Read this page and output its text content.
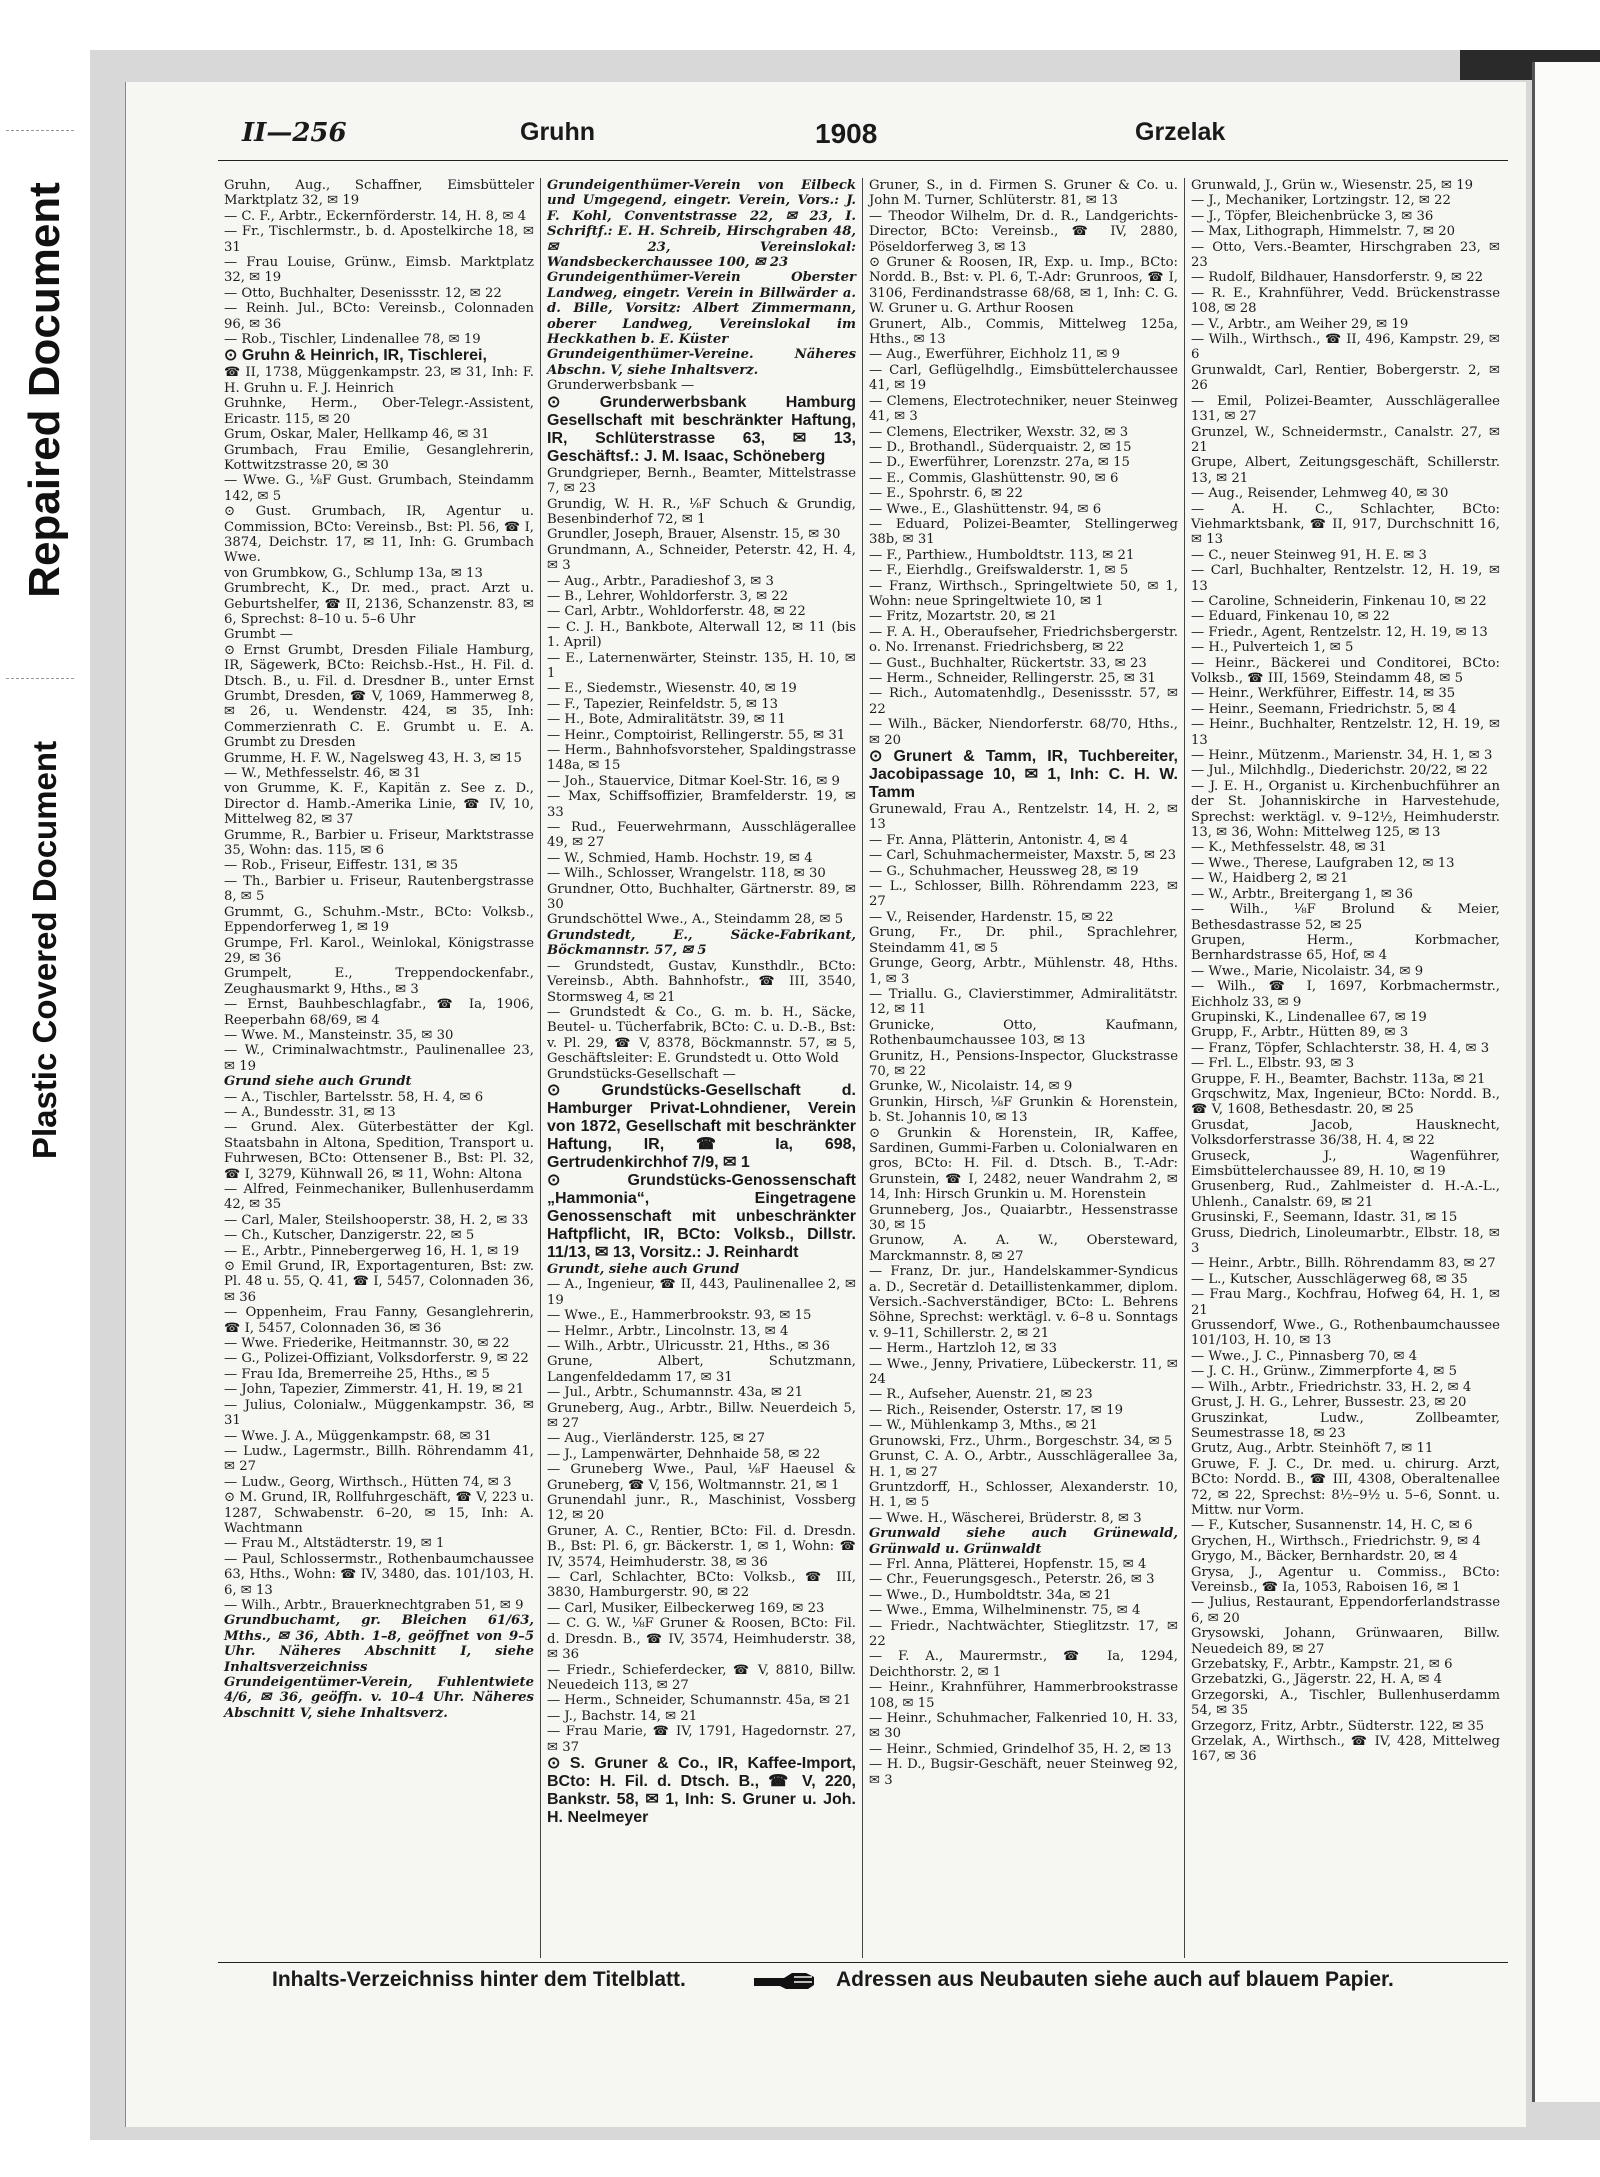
Repaired Document
Plastic Covered Document
II—256	Gruhn	1908	Grzelak

Gruhn, Aug., Schaffner, Eimsbütteler Marktplatz 32, ✉ 19

— C. F., Arbtr., Eckernförderstr. 14, H. 8, ✉ 4

— Fr., Tischlermstr., b. d. Apostelkirche 18, ✉ 31

— Frau Louise, Grünw., Eimsb. Marktplatz 32, ✉ 19

— Otto, Buchhalter, Desenissstr. 12, ✉ 22

— Reinh. Jul., BCto: Vereinsb., Colonnaden 96, ✉ 36

— Rob., Tischler, Lindenallee 78, ✉ 19

⊙ Gruhn & Heinrich, IR, Tischlerei,

☎ II, 1738, Müggenkampstr. 23, ✉ 31, Inh: F. H. Gruhn u. F. J. Heinrich

Gruhnke, Herm., Ober-Telegr.-Assistent, Ericastr. 115, ✉ 20

Grum, Oskar, Maler, Hellkamp 46, ✉ 31

Grumbach, Frau Emilie, Gesanglehrerin, Kottwitzstrasse 20, ✉ 30

— Wwe. G., ⅛F Gust. Grumbach, Steindamm 142, ✉ 5

⊙ Gust. Grumbach, IR, Agentur u. Commission, BCto: Vereinsb., Bst: Pl. 56, ☎ I, 3874, Deichstr. 17, ✉ 11, Inh: G. Grumbach Wwe.

von Grumbkow, G., Schlump 13a, ✉ 13

Grumbrecht, K., Dr. med., pract. Arzt u. Geburtshelfer, ☎ II, 2136, Schanzenstr. 83, ✉ 6, Sprechst: 8–10 u. 5–6 Uhr

Grumbt —

⊙ Ernst Grumbt, Dresden Filiale Hamburg, IR, Sägewerk, BCto: Reichsb.-Hst., H. Fil. d. Dtsch. B., u. Fil. d. Dresdner B., unter Ernst Grumbt, Dresden, ☎ V, 1069, Hammerweg 8, ✉ 26, u. Wendenstr. 424, ✉ 35, Inh: Commerzienrath C. E. Grumbt u. E. A. Grumbt zu Dresden

Grumme, H. F. W., Nagelsweg 43, H. 3, ✉ 15

— W., Methfesselstr. 46, ✉ 31

von Grumme, K. F., Kapitän z. See z. D., Director d. Hamb.-Amerika Linie, ☎ IV, 10, Mittelweg 82, ✉ 37

Grumme, R., Barbier u. Friseur, Marktstrasse 35, Wohn: das. 115, ✉ 6

— Rob., Friseur, Eiffestr. 131, ✉ 35

— Th., Barbier u. Friseur, Rautenbergstrasse 8, ✉ 5

Grummt, G., Schuhm.-Mstr., BCto: Volksb., Eppendorferweg 1, ✉ 19

Grumpe, Frl. Karol., Weinlokal, Königstrasse 29, ✉ 36

Grumpelt, E., Treppendockenfabr., Zeughausmarkt 9, Hths., ✉ 3

— Ernst, Bauhbeschlagfabr., ☎ Ia, 1906, Reeperbahn 68/69, ✉ 4

— Wwe. M., Mansteinstr. 35, ✉ 30

— W., Criminalwachtmstr., Paulinenallee 23, ✉ 19

Grund siehe auch Grundt

— A., Tischler, Bartelsstr. 58, H. 4, ✉ 6

— A., Bundesstr. 31, ✉ 13

— Grund. Alex. Güterbestätter der Kgl. Staatsbahn in Altona, Spedition, Transport u. Fuhrwesen, BCto: Ottensener B., Bst: Pl. 32, ☎ I, 3279, Kühnwall 26, ✉ 11, Wohn: Altona

— Alfred, Feinmechaniker, Bullenhuserdamm 42, ✉ 35

— Carl, Maler, Steilshooperstr. 38, H. 2, ✉ 33

— Ch., Kutscher, Danzigerstr. 22, ✉ 5

— E., Arbtr., Pinnebergerweg 16, H. 1, ✉ 19

⊙ Emil Grund, IR, Exportagenturen, Bst: zw. Pl. 48 u. 55, Q. 41, ☎ I, 5457, Colonnaden 36, ✉ 36

— Oppenheim, Frau Fanny, Gesanglehrerin, ☎ I, 5457, Colonnaden 36, ✉ 36

— Wwe. Friederike, Heitmannstr. 30, ✉ 22

— G., Polizei-Offiziant, Volksdorferstr. 9, ✉ 22

— Frau Ida, Bremerreihe 25, Hths., ✉ 5

— John, Tapezier, Zimmerstr. 41, H. 19, ✉ 21

— Julius, Colonialw., Müggenkampstr. 36, ✉ 31

— Wwe. J. A., Müggenkampstr. 68, ✉ 31

— Ludw., Lagermstr., Billh. Röhrendamm 41, ✉ 27

— Ludw., Georg, Wirthsch., Hütten 74, ✉ 3

⊙ M. Grund, IR, Rollfuhrgeschäft, ☎ V, 223 u. 1287, Schwabenstr. 6–20, ✉ 15, Inh: A. Wachtmann

— Frau M., Altstädterstr. 19, ✉ 1

— Paul, Schlossermstr., Rothenbaumchaussee 63, Hths., Wohn: ☎ IV, 3480, das. 101/103, H. 6, ✉ 13

— Wilh., Arbtr., Brauerknechtgraben 51, ✉ 9

Grundbuchamt, gr. Bleichen 61/63, Mths., ✉ 36, Abth. 1–8, geöffnet von 9–5 Uhr. Näheres Abschnitt I, siehe Inhaltsverzeichniss

Grundeigentümer-Verein, Fuhlentwiete 4/6, ✉ 36, geöffn. v. 10–4 Uhr. Näheres Abschnitt V, siehe Inhaltsverz.

Grundeigenthümer-Verein von Eilbeck und Umgegend, eingetr. Verein, Vors.: J. F. Kohl, Conventstrasse 22, ✉ 23, I. Schriftf.: E. H. Schreib, Hirschgraben 48, ✉ 23, Vereinslokal: Wandsbeckerchaussee 100, ✉ 23

Grundeigenthümer-Verein Oberster Landweg, eingetr. Verein in Billwärder a. d. Bille, Vorsitz: Albert Zimmermann, oberer Landweg, Vereinslokal im Heckkathen b. E. Küster

Grundeigenthümer-Vereine. Näheres Abschn. V, siehe Inhaltsverz.

Grunderwerbsbank —

⊙ Grunderwerbsbank Hamburg Gesellschaft mit beschränkter Haftung, IR, Schlüterstrasse 63, ✉ 13, Geschäftsf.: J. M. Isaac, Schöneberg

Grundgrieper, Bernh., Beamter, Mittelstrasse 7, ✉ 23

Grundig, W. H. R., ⅛F Schuch & Grundig, Besenbinderhof 72, ✉ 1

Grundler, Joseph, Brauer, Alsenstr. 15, ✉ 30

Grundmann, A., Schneider, Peterstr. 42, H. 4, ✉ 3

— Aug., Arbtr., Paradieshof 3, ✉ 3

— B., Lehrer, Wohldorferstr. 3, ✉ 22

— Carl, Arbtr., Wohldorferstr. 48, ✉ 22

— C. J. H., Bankbote, Alterwall 12, ✉ 11 (bis 1. April)

— E., Laternenwärter, Steinstr. 135, H. 10, ✉ 1

— E., Siedemstr., Wiesenstr. 40, ✉ 19

— F., Tapezier, Reinfeldstr. 5, ✉ 13

— H., Bote, Admiralitätstr. 39, ✉ 11

— Heinr., Comptoirist, Rellingerstr. 55, ✉ 31

— Herm., Bahnhofsvorsteher, Spaldingstrasse 148a, ✉ 15

— Joh., Stauervice, Ditmar Koel-Str. 16, ✉ 9

— Max, Schiffsoffizier, Bramfelderstr. 19, ✉ 33

— Rud., Feuerwehrmann, Ausschlägerallee 49, ✉ 27

— W., Schmied, Hamb. Hochstr. 19, ✉ 4

— Wilh., Schlosser, Wrangelstr. 118, ✉ 30

Grundner, Otto, Buchhalter, Gärtnerstr. 89, ✉ 30

Grundschöttel Wwe., A., Steindamm 28, ✉ 5

Grundstedt, E., Säcke-Fabrikant, Böckmannstr. 57, ✉ 5

— Grundstedt, Gustav, Kunsthdlr., BCto: Vereinsb., Abth. Bahnhofstr., ☎ III, 3540, Stormsweg 4, ✉ 21

— Grundstedt & Co., G. m. b. H., Säcke, Beutel- u. Tücherfabrik, BCto: C. u. D.-B., Bst: v. Pl. 29, ☎ V, 8378, Böckmannstr. 57, ✉ 5, Geschäftsleiter: E. Grundstedt u. Otto Wold

Grundstücks-Gesellschaft —

⊙ Grundstücks-Gesellschaft d. Hamburger Privat-Lohndiener, Verein von 1872, Gesellschaft mit beschränkter Haftung, IR, ☎ Ia, 698, Gertrudenkirchhof 7/9, ✉ 1

⊙ Grundstücks-Genossenschaft „Hammonia“, Eingetragene Genossenschaft mit unbeschränkter Haftpflicht, IR, BCto: Volksb., Dillstr. 11/13, ✉ 13, Vorsitz.: J. Reinhardt

Grundt, siehe auch Grund

— A., Ingenieur, ☎ II, 443, Paulinenallee 2, ✉ 19

— Wwe., E., Hammerbrookstr. 93, ✉ 15

— Helmr., Arbtr., Lincolnstr. 13, ✉ 4

— Wilh., Arbtr., Ulricusstr. 21, Hths., ✉ 36

Grune, Albert, Schutzmann, Langenfeldedamm 17, ✉ 31

— Jul., Arbtr., Schumannstr. 43a, ✉ 21

Gruneberg, Aug., Arbtr., Billw. Neuerdeich 5, ✉ 27

— Aug., Vierländerstr. 125, ✉ 27

— J., Lampenwärter, Dehnhaide 58, ✉ 22

— Gruneberg Wwe., Paul, ⅛F Haeusel & Gruneberg, ☎ V, 156, Woltmannstr. 21, ✉ 1

Grunendahl junr., R., Maschinist, Vossberg 12, ✉ 20

Gruner, A. C., Rentier, BCto: Fil. d. Dresdn. B., Bst: Pl. 6, gr. Bäckerstr. 1, ✉ 1, Wohn: ☎ IV, 3574, Heimhuderstr. 38, ✉ 36

— Carl, Schlachter, BCto: Volksb., ☎ III, 3830, Hamburgerstr. 90, ✉ 22

— Carl, Musiker, Eilbeckerweg 169, ✉ 23

— C. G. W., ⅛F Gruner & Roosen, BCto: Fil. d. Dresdn. B., ☎ IV, 3574, Heimhuderstr. 38, ✉ 36

— Friedr., Schieferdecker, ☎ V, 8810, Billw. Neuedeich 113, ✉ 27

— Herm., Schneider, Schumannstr. 45a, ✉ 21

— J., Bachstr. 14, ✉ 21

— Frau Marie, ☎ IV, 1791, Hagedornstr. 27, ✉ 37

⊙ S. Gruner & Co., IR, Kaffee-Import, BCto: H. Fil. d. Dtsch. B., ☎ V, 220, Bankstr. 58, ✉ 1, Inh: S. Gruner u. Joh. H. Neelmeyer

Gruner, S., in d. Firmen S. Gruner & Co. u. John M. Turner, Schlüterstr. 81, ✉ 13

— Theodor Wilhelm, Dr. d. R., Landgerichts-Director, BCto: Vereinsb., ☎ IV, 2880, Pöseldorferweg 3, ✉ 13

⊙ Gruner & Roosen, IR, Exp. u. Imp., BCto: Nordd. B., Bst: v. Pl. 6, T.-Adr: Grunroos, ☎ I, 3106, Ferdinandstrasse 68/68, ✉ 1, Inh: C. G. W. Gruner u. G. Arthur Roosen

Grunert, Alb., Commis, Mittelweg 125a, Hths., ✉ 13

— Aug., Ewerführer, Eichholz 11, ✉ 9

— Carl, Geflügelhdlg., Eimsbüttelerchaussee 41, ✉ 19

— Clemens, Electrotechniker, neuer Steinweg 41, ✉ 3

— Clemens, Electriker, Wexstr. 32, ✉ 3

— D., Brothandl., Süderquaistr. 2, ✉ 15

— D., Ewerführer, Lorenzstr. 27a, ✉ 15

— E., Commis, Glashüttenstr. 90, ✉ 6

— E., Spohrstr. 6, ✉ 22

— Wwe., E., Glashüttenstr. 94, ✉ 6

— Eduard, Polizei-Beamter, Stellingerweg 38b, ✉ 31

— F., Parthiew., Humboldtstr. 113, ✉ 21

— F., Eierhdlg., Greifswalderstr. 1, ✉ 5

— Franz, Wirthsch., Springeltwiete 50, ✉ 1, Wohn: neue Springeltwiete 10, ✉ 1

— Fritz, Mozartstr. 20, ✉ 21

— F. A. H., Oberaufseher, Friedrichsbergerstr. o. No. Irrenanst. Friedrichsberg, ✉ 22

— Gust., Buchhalter, Rückertstr. 33, ✉ 23

— Herm., Schneider, Rellingerstr. 25, ✉ 31

— Rich., Automatenhdlg., Desenissstr. 57, ✉ 22

— Wilh., Bäcker, Niendorferstr. 68/70, Hths., ✉ 20

⊙ Grunert & Tamm, IR, Tuchbereiter, Jacobipassage 10, ✉ 1, Inh: C. H. W. Tamm

Grunewald, Frau A., Rentzelstr. 14, H. 2, ✉ 13

— Fr. Anna, Plätterin, Antonistr. 4, ✉ 4

— Carl, Schuhmachermeister, Maxstr. 5, ✉ 23

— G., Schuhmacher, Heussweg 28, ✉ 19

— L., Schlosser, Billh. Röhrendamm 223, ✉ 27

— V., Reisender, Hardenstr. 15, ✉ 22

Grung, Fr., Dr. phil., Sprachlehrer, Steindamm 41, ✉ 5

Grunge, Georg, Arbtr., Mühlenstr. 48, Hths. 1, ✉ 3

— Triallu. G., Clavierstimmer, Admiralitätstr. 12, ✉ 11

Grunicke, Otto, Kaufmann, Rothenbaumchaussee 103, ✉ 13

Grunitz, H., Pensions-Inspector, Gluckstrasse 70, ✉ 22

Grunke, W., Nicolaistr. 14, ✉ 9

Grunkin, Hirsch, ⅛F Grunkin & Horenstein, b. St. Johannis 10, ✉ 13

⊙ Grunkin & Horenstein, IR, Kaffee, Sardinen, Gummi-Farben u. Colonialwaren en gros, BCto: H. Fil. d. Dtsch. B., T.-Adr: Grunstein, ☎ I, 2482, neuer Wandrahm 2, ✉ 14, Inh: Hirsch Grunkin u. M. Horenstein

Grunneberg, Jos., Quaiarbtr., Hessenstrasse 30, ✉ 15

Grunow, A. A. W., Obersteward, Marckmannstr. 8, ✉ 27

— Franz, Dr. jur., Handelskammer-Syndicus a. D., Secretär d. Detaillistenkammer, diplom. Versich.-Sachverständiger, BCto: L. Behrens Söhne, Sprechst: werktägl. v. 6–8 u. Sonntags v. 9–11, Schillerstr. 2, ✉ 21

— Herm., Hartzloh 12, ✉ 33

— Wwe., Jenny, Privatiere, Lübeckerstr. 11, ✉ 24

— R., Aufseher, Auenstr. 21, ✉ 23

— Rich., Reisender, Osterstr. 17, ✉ 19

— W., Mühlenkamp 3, Mths., ✉ 21

Grunowski, Frz., Uhrm., Borgeschstr. 34, ✉ 5

Grunst, C. A. O., Arbtr., Ausschlägerallee 3a, H. 1, ✉ 27

Gruntzdorff, H., Schlosser, Alexanderstr. 10, H. 1, ✉ 5

— Wwe. H., Wäscherei, Brüderstr. 8, ✉ 3

Grunwald siehe auch Grünewald, Grünwald u. Grünwaldt

— Frl. Anna, Plätterei, Hopfenstr. 15, ✉ 4

— Chr., Feuerungsgesch., Peterstr. 26, ✉ 3

— Wwe., D., Humboldtstr. 34a, ✉ 21

— Wwe., Emma, Wilhelminenstr. 75, ✉ 4

— Friedr., Nachtwächter, Stieglitzstr. 17, ✉ 22

— F. A., Maurermstr., ☎ Ia, 1294, Deichthorstr. 2, ✉ 1

— Heinr., Krahnführer, Hammerbrookstrasse 108, ✉ 15

— Heinr., Schuhmacher, Falkenried 10, H. 33, ✉ 30

— Heinr., Schmied, Grindelhof 35, H. 2, ✉ 13

— H. D., Bugsir-Geschäft, neuer Steinweg 92, ✉ 3

Grunwald, J., Grün w., Wiesenstr. 25, ✉ 19

— J., Mechaniker, Lortzingstr. 12, ✉ 22

— J., Töpfer, Bleichenbrücke 3, ✉ 36

— Max, Lithograph, Himmelstr. 7, ✉ 20

— Otto, Vers.-Beamter, Hirschgraben 23, ✉ 23

— Rudolf, Bildhauer, Hansdorferstr. 9, ✉ 22

— R. E., Krahnführer, Vedd. Brückenstrasse 108, ✉ 28

— V., Arbtr., am Weiher 29, ✉ 19

— Wilh., Wirthsch., ☎ II, 496, Kampstr. 29, ✉ 6

Grunwaldt, Carl, Rentier, Bobergerstr. 2, ✉ 26

— Emil, Polizei-Beamter, Ausschlägerallee 131, ✉ 27

Grunzel, W., Schneidermstr., Canalstr. 27, ✉ 21

Grupe, Albert, Zeitungsgeschäft, Schillerstr. 13, ✉ 21

— Aug., Reisender, Lehmweg 40, ✉ 30

— A. H. C., Schlachter, BCto: Viehmarktsbank, ☎ II, 917, Durchschnitt 16, ✉ 13

— C., neuer Steinweg 91, H. E. ✉ 3

— Carl, Buchhalter, Rentzelstr. 12, H. 19, ✉ 13

— Caroline, Schneiderin, Finkenau 10, ✉ 22

— Eduard, Finkenau 10, ✉ 22

— Friedr., Agent, Rentzelstr. 12, H. 19, ✉ 13

— H., Pulverteich 1, ✉ 5

— Heinr., Bäckerei und Conditorei, BCto: Volksb., ☎ III, 1569, Steindamm 48, ✉ 5

— Heinr., Werkführer, Eiffestr. 14, ✉ 35

— Heinr., Seemann, Friedrichstr. 5, ✉ 4

— Heinr., Buchhalter, Rentzelstr. 12, H. 19, ✉ 13

— Heinr., Mützenm., Marienstr. 34, H. 1, ✉ 3

— Jul., Milchhdlg., Diederichstr. 20/22, ✉ 22

— J. E. H., Organist u. Kirchenbuchführer an der St. Johanniskirche in Harvestehude, Sprechst: werktägl. v. 9–12½, Heimhuderstr. 13, ✉ 36, Wohn: Mittelweg 125, ✉ 13

— K., Methfesselstr. 48, ✉ 31

— Wwe., Therese, Laufgraben 12, ✉ 13

— W., Haidberg 2, ✉ 21

— W., Arbtr., Breitergang 1, ✉ 36

— Wilh., ⅛F Brolund & Meier, Bethesdastrasse 52, ✉ 25

Grupen, Herm., Korbmacher, Bernhardstrasse 65, Hof, ✉ 4

— Wwe., Marie, Nicolaistr. 34, ✉ 9

— Wilh., ☎ I, 1697, Korbmachermstr., Eichholz 33, ✉ 9

Grupinski, K., Lindenallee 67, ✉ 19

Grupp, F., Arbtr., Hütten 89, ✉ 3

— Franz, Töpfer, Schlachterstr. 38, H. 4, ✉ 3

— Frl. L., Elbstr. 93, ✉ 3

Gruppe, F. H., Beamter, Bachstr. 113a, ✉ 21

Grqschwitz, Max, Ingenieur, BCto: Nordd. B., ☎ V, 1608, Bethesdastr. 20, ✉ 25

Grusdat, Jacob, Hausknecht, Volksdorferstrasse 36/38, H. 4, ✉ 22

Gruseck, J., Wagenführer, Eimsbüttelerchaussee 89, H. 10, ✉ 19

Grusenberg, Rud., Zahlmeister d. H.-A.-L., Uhlenh., Canalstr. 69, ✉ 21

Grusinski, F., Seemann, Idastr. 31, ✉ 15

Gruss, Diedrich, Linoleumarbtr., Elbstr. 18, ✉ 3

— Heinr., Arbtr., Billh. Röhrendamm 83, ✉ 27

— L., Kutscher, Ausschlägerweg 68, ✉ 35

— Frau Marg., Kochfrau, Hofweg 64, H. 1, ✉ 21

Grussendorf, Wwe., G., Rothenbaumchaussee 101/103, H. 10, ✉ 13

— Wwe., J. C., Pinnasberg 70, ✉ 4

— J. C. H., Grünw., Zimmerpforte 4, ✉ 5

— Wilh., Arbtr., Friedrichstr. 33, H. 2, ✉ 4

Grust, J. H. G., Lehrer, Bussestr. 23, ✉ 20

Gruszinkat, Ludw., Zollbeamter, Seumestrasse 18, ✉ 23

Grutz, Aug., Arbtr. Steinhöft 7, ✉ 11

Gruwe, F. J. C., Dr. med. u. chirurg. Arzt, BCto: Nordd. B., ☎ III, 4308, Oberaltenallee 72, ✉ 22, Sprechst: 8½–9½ u. 5–6, Sonnt. u. Mittw. nur Vorm.

— F., Kutscher, Susannenstr. 14, H. C, ✉ 6

Grychen, H., Wirthsch., Friedrichstr. 9, ✉ 4

Grygo, M., Bäcker, Bernhardstr. 20, ✉ 4

Grysa, J., Agentur u. Commiss., BCto: Vereinsb., ☎ Ia, 1053, Raboisen 16, ✉ 1

— Julius, Restaurant, Eppendorferlandstrasse 6, ✉ 20

Grysowski, Johann, Grünwaaren, Billw. Neuedeich 89, ✉ 27

Grzebatsky, F., Arbtr., Kampstr. 21, ✉ 6

Grzebatzki, G., Jägerstr. 22, H. A, ✉ 4

Grzegorski, A., Tischler, Bullenhuserdamm 54, ✉ 35

Grzegorz, Fritz, Arbtr., Südterstr. 122, ✉ 35

Grzelak, A., Wirthsch., ☎ IV, 428, Mittelweg 167, ✉ 36

Inhalts-Verzeichniss hinter dem Titelblatt.	Adressen aus Neubauten siehe auch auf blauem Papier.
